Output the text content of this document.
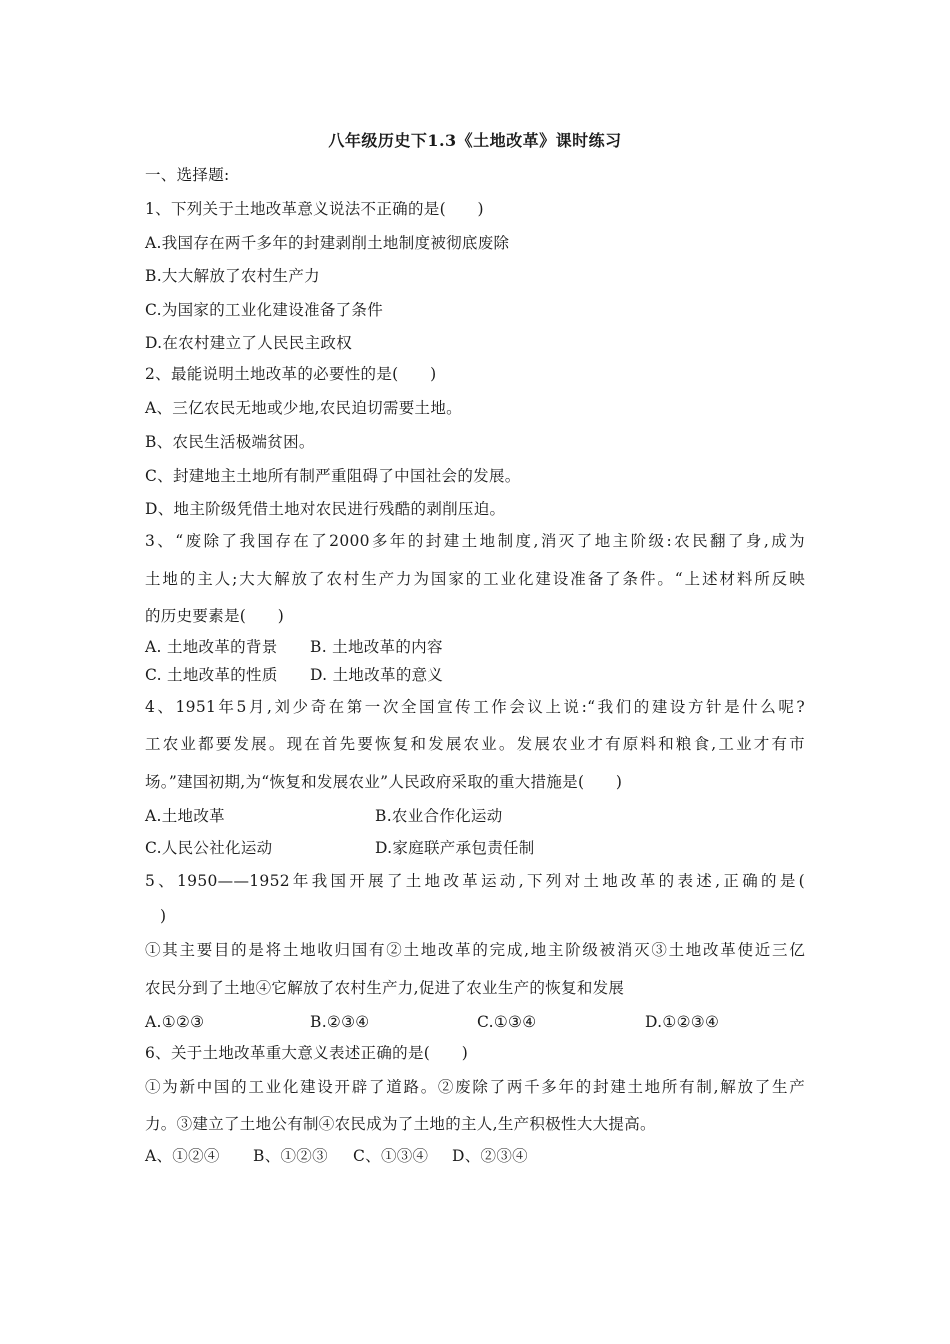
八年级历史下1.3《土地改革》课时练习
一、选择题:
1、下列关于土地改革意义说法不正确的是(　　)
A.我国存在两千多年的封建剥削土地制度被彻底废除
B.大大解放了农村生产力
C.为国家的工业化建设准备了条件
D.在农村建立了人民民主政权
2、最能说明土地改革的必要性的是(　　)
A、三亿农民无地或少地,农民迫切需要土地。
B、农民生活极端贫困。
C、封建地主土地所有制严重阻碍了中国社会的发展。
D、地主阶级凭借土地对农民进行残酷的剥削压迫。
3、“废除了我国存在了2000多年的封建土地制度,消灭了地主阶级:农民翻了身,成为
土地的主人;大大解放了农村生产力为国家的工业化建设准备了条件。“上述材料所反映
的历史要素是(　　)
A. 土地改革的背景 B. 土地改革的内容
C. 土地改革的性质 D. 土地改革的意义
4、1951年5月,刘少奇在第一次全国宣传工作会议上说:“我们的建设方针是什么呢?
工农业都要发展。现在首先要恢复和发展农业。发展农业才有原料和粮食,工业才有市
场。”建国初期,为“恢复和发展农业”人民政府采取的重大措施是(　　)
A.土地改革	B.农业合作化运动
C.人民公社化运动	D.家庭联产承包责任制
5、1950——1952年我国开展了土地改革运动,下列对土地改革的表述,正确的是(
)
①其主要目的是将土地收归国有②土地改革的完成,地主阶级被消灭③土地改革使近三亿
农民分到了土地④它解放了农村生产力,促进了农业生产的恢复和发展
A.①②③	B.②③④	C.①③④	D.①②③④
6、关于土地改革重大意义表述正确的是(　　)
①为新中国的工业化建设开辟了道路。②废除了两千多年的封建土地所有制,解放了生产
力。③建立了土地公有制④农民成为了土地的主人,生产积极性大大提高。
A、①②④ B、①②③ C、①③④ D、②③④
